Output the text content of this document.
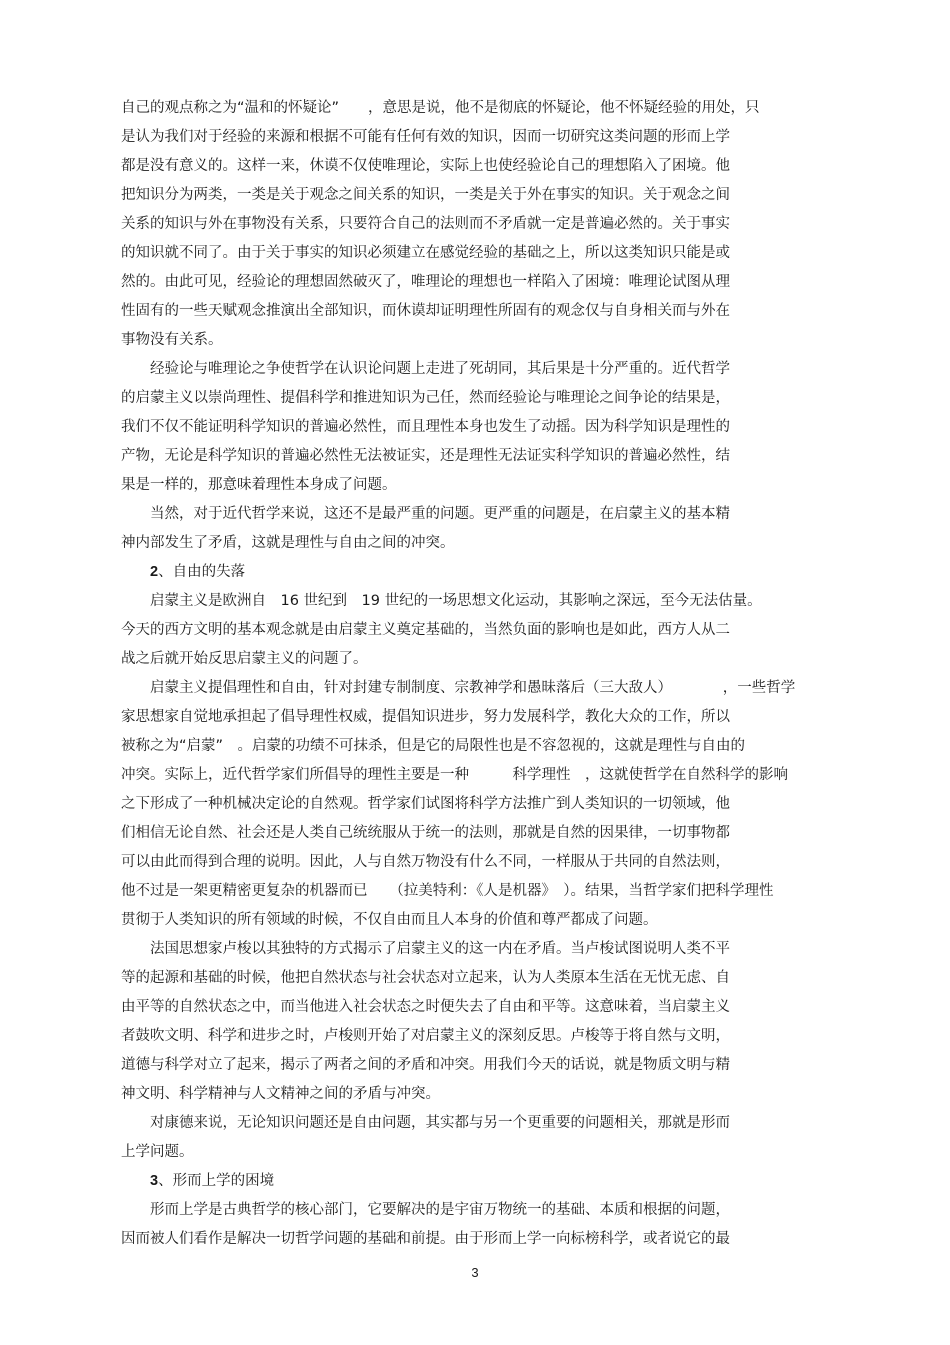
自己的观点称之为“温和的怀疑论”　　，意思是说，他不是彻底的怀疑论，他不怀疑经验的用处，只
是认为我们对于经验的来源和根据不可能有任何有效的知识，因而一切研究这类问题的形而上学
都是没有意义的。这样一来，休谟不仅使唯理论，实际上也使经验论自己的理想陷入了困境。他
把知识分为两类，一类是关于观念之间关系的知识，一类是关于外在事实的知识。关于观念之间
关系的知识与外在事物没有关系，只要符合自己的法则而不矛盾就一定是普遍必然的。关于事实
的知识就不同了。由于关于事实的知识必须建立在感觉经验的基础之上，所以这类知识只能是或
然的。由此可见，经验论的理想固然破灭了，唯理论的理想也一样陷入了困境：唯理论试图从理
性固有的一些天赋观念推演出全部知识，而休谟却证明理性所固有的观念仅与自身相关而与外在
事物没有关系。
经验论与唯理论之争使哲学在认识论问题上走进了死胡同，其后果是十分严重的。近代哲学
的启蒙主义以崇尚理性、提倡科学和推进知识为己任，然而经验论与唯理论之间争论的结果是，
我们不仅不能证明科学知识的普遍必然性，而且理性本身也发生了动摇。因为科学知识是理性的
产物，无论是科学知识的普遍必然性无法被证实，还是理性无法证实科学知识的普遍必然性，结
果是一样的，那意味着理性本身成了问题。
当然，对于近代哲学来说，这还不是最严重的问题。更严重的问题是，在启蒙主义的基本精
神内部发生了矛盾，这就是理性与自由之间的冲突。
2、自由的失落
启蒙主义是欧洲自　16 世纪到　19 世纪的一场思想文化运动，其影响之深远，至今无法估量。
今天的西方文明的基本观念就是由启蒙主义奠定基础的，当然负面的影响也是如此，西方人从二
战之后就开始反思启蒙主义的问题了。
启蒙主义提倡理性和自由，针对封建专制制度、宗教神学和愚昧落后（三大敌人）　　　　，一些哲学
家思想家自觉地承担起了倡导理性权威，提倡知识进步，努力发展科学，教化大众的工作，所以
被称之为“启蒙”　。启蒙的功绩不可抹杀，但是它的局限性也是不容忽视的，这就是理性与自由的
冲突。实际上，近代哲学家们所倡导的理性主要是一种　　　科学理性　，这就使哲学在自然科学的影响
之下形成了一种机械决定论的自然观。哲学家们试图将科学方法推广到人类知识的一切领域，他
们相信无论自然、社会还是人类自己统统服从于统一的法则，那就是自然的因果律，一切事物都
可以由此而得到合理的说明。因此，人与自然万物没有什么不同，一样服从于共同的自然法则，
他不过是一架更精密更复杂的机器而已　　（拉美特利：《人是机器》　）。结果，当哲学家们把科学理性
贯彻于人类知识的所有领域的时候，不仅自由而且人本身的价值和尊严都成了问题。
法国思想家卢梭以其独特的方式揭示了启蒙主义的这一内在矛盾。当卢梭试图说明人类不平
等的起源和基础的时候，他把自然状态与社会状态对立起来，认为人类原本生活在无忧无虑、自
由平等的自然状态之中，而当他进入社会状态之时便失去了自由和平等。这意味着，当启蒙主义
者鼓吹文明、科学和进步之时，卢梭则开始了对启蒙主义的深刻反思。卢梭等于将自然与文明，
道德与科学对立了起来，揭示了两者之间的矛盾和冲突。用我们今天的话说，就是物质文明与精
神文明、科学精神与人文精神之间的矛盾与冲突。
对康德来说，无论知识问题还是自由问题，其实都与另一个更重要的问题相关，那就是形而
上学问题。
3、形而上学的困境
形而上学是古典哲学的核心部门，它要解决的是宇宙万物统一的基础、本质和根据的问题，
因而被人们看作是解决一切哲学问题的基础和前提。由于形而上学一向标榜科学，或者说它的最
3
